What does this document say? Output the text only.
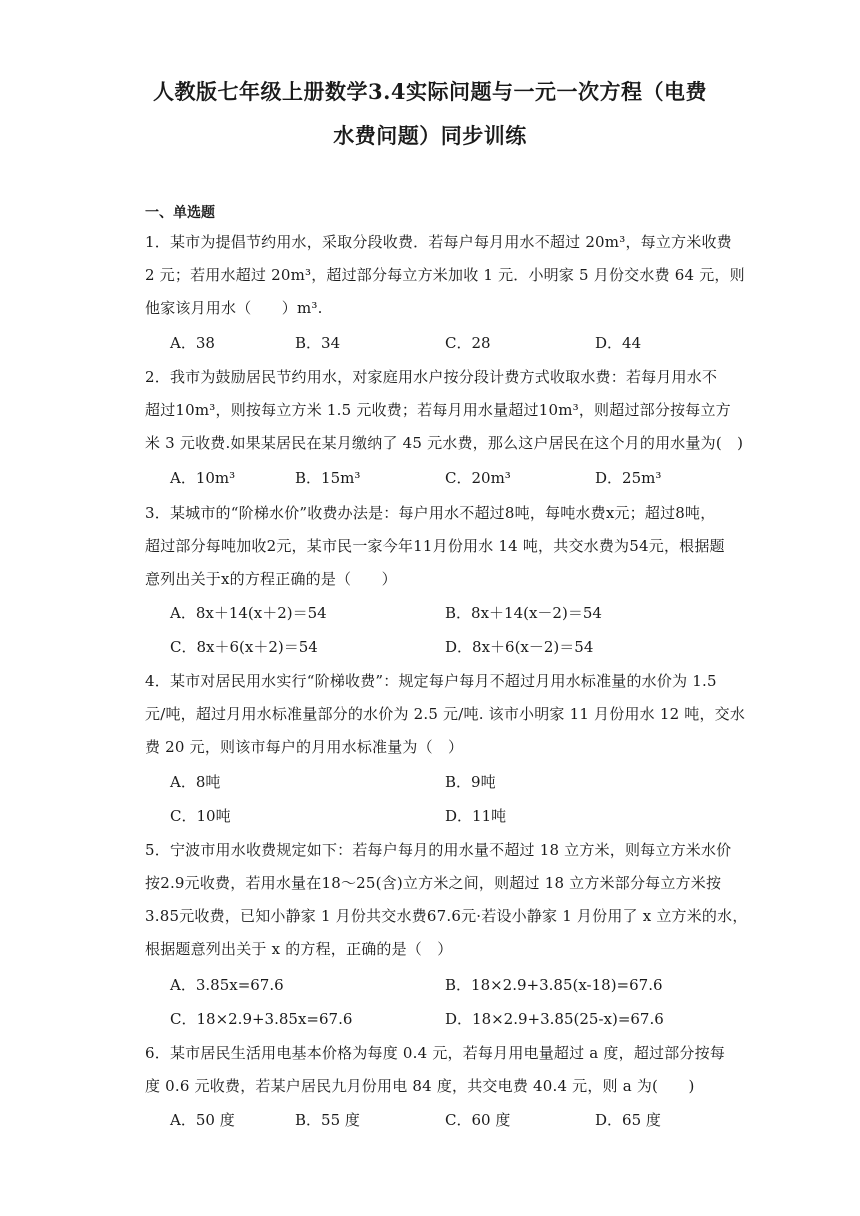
人教版七年级上册数学3.4实际问题与一元一次方程（电费
水费问题）同步训练
一、单选题
1．某市为提倡节约用水，采取分段收费．若每户每月用水不超过 20m³，每立方米收费
2 元；若用水超过 20m³，超过部分每立方米加收 1 元．小明家 5 月份交水费 64 元，则
他家该月用水（　　）m³.
A．38	B．34	C．28	D．44
2．我市为鼓励居民节约用水，对家庭用水户按分段计费方式收取水费：若每月用水不
超过10m³，则按每立方米 1.5 元收费；若每月用水量超过10m³，则超过部分按每立方
米 3 元收费.如果某居民在某月缴纳了 45 元水费，那么这户居民在这个月的用水量为(　)
A．10m³	B．15m³	C．20m³	D．25m³
3．某城市的“阶梯水价”收费办法是：每户用水不超过8吨，每吨水费x元；超过8吨，
超过部分每吨加收2元，某市民一家今年11月份用水 14 吨，共交水费为54元，根据题
意列出关于x的方程正确的是（　　）
A．8x＋14(x＋2)＝54	B．8x＋14(x－2)＝54
C．8x＋6(x＋2)＝54	D．8x＋6(x－2)＝54
4．某市对居民用水实行“阶梯收费”：规定每户每月不超过月用水标准量的水价为 1.5
元/吨，超过月用水标准量部分的水价为 2.5 元/吨. 该市小明家 11 月份用水 12 吨，交水
费 20 元，则该市每户的月用水标准量为（　）
A．8吨	B．9吨
C．10吨	D．11吨
5．宁波市用水收费规定如下：若每户每月的用水量不超过 18 立方米，则每立方米水价
按2.9元收费，若用水量在18～25(含)立方米之间，则超过 18 立方米部分每立方米按
3.85元收费，已知小静家 1 月份共交水费67.6元·若设小静家 1 月份用了 x 立方米的水，
根据题意列出关于 x 的方程，正确的是（　）
A．3.85x=67.6	B．18×2.9+3.85(x-18)=67.6
C．18×2.9+3.85x=67.6	D．18×2.9+3.85(25-x)=67.6
6．某市居民生活用电基本价格为每度 0.4 元，若每月用电量超过 a 度，超过部分按每
度 0.6 元收费，若某户居民九月份用电 84 度，共交电费 40.4 元，则 a 为(　　)
A．50 度	B．55 度	C．60 度	D．65 度
